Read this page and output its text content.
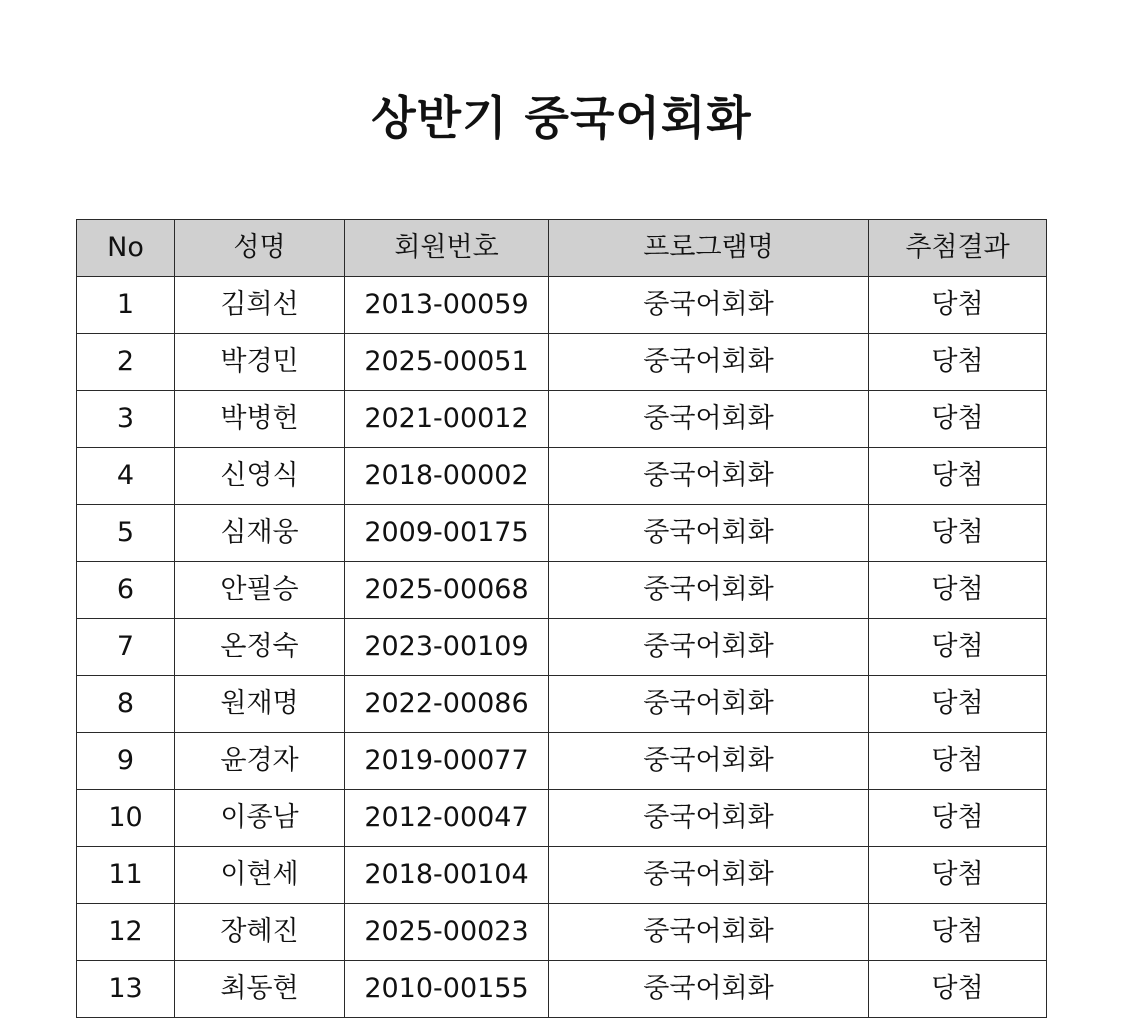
상반기 중국어회화
No	성명	회원번호	프로그램명	추첨결과
1	김희선	2013-00059	중국어회화	당첨
2	박경민	2025-00051	중국어회화	당첨
3	박병헌	2021-00012	중국어회화	당첨
4	신영식	2018-00002	중국어회화	당첨
5	심재웅	2009-00175	중국어회화	당첨
6	안필승	2025-00068	중국어회화	당첨
7	온정숙	2023-00109	중국어회화	당첨
8	원재명	2022-00086	중국어회화	당첨
9	윤경자	2019-00077	중국어회화	당첨
10	이종남	2012-00047	중국어회화	당첨
11	이현세	2018-00104	중국어회화	당첨
12	장혜진	2025-00023	중국어회화	당첨
13	최동현	2010-00155	중국어회화	당첨
